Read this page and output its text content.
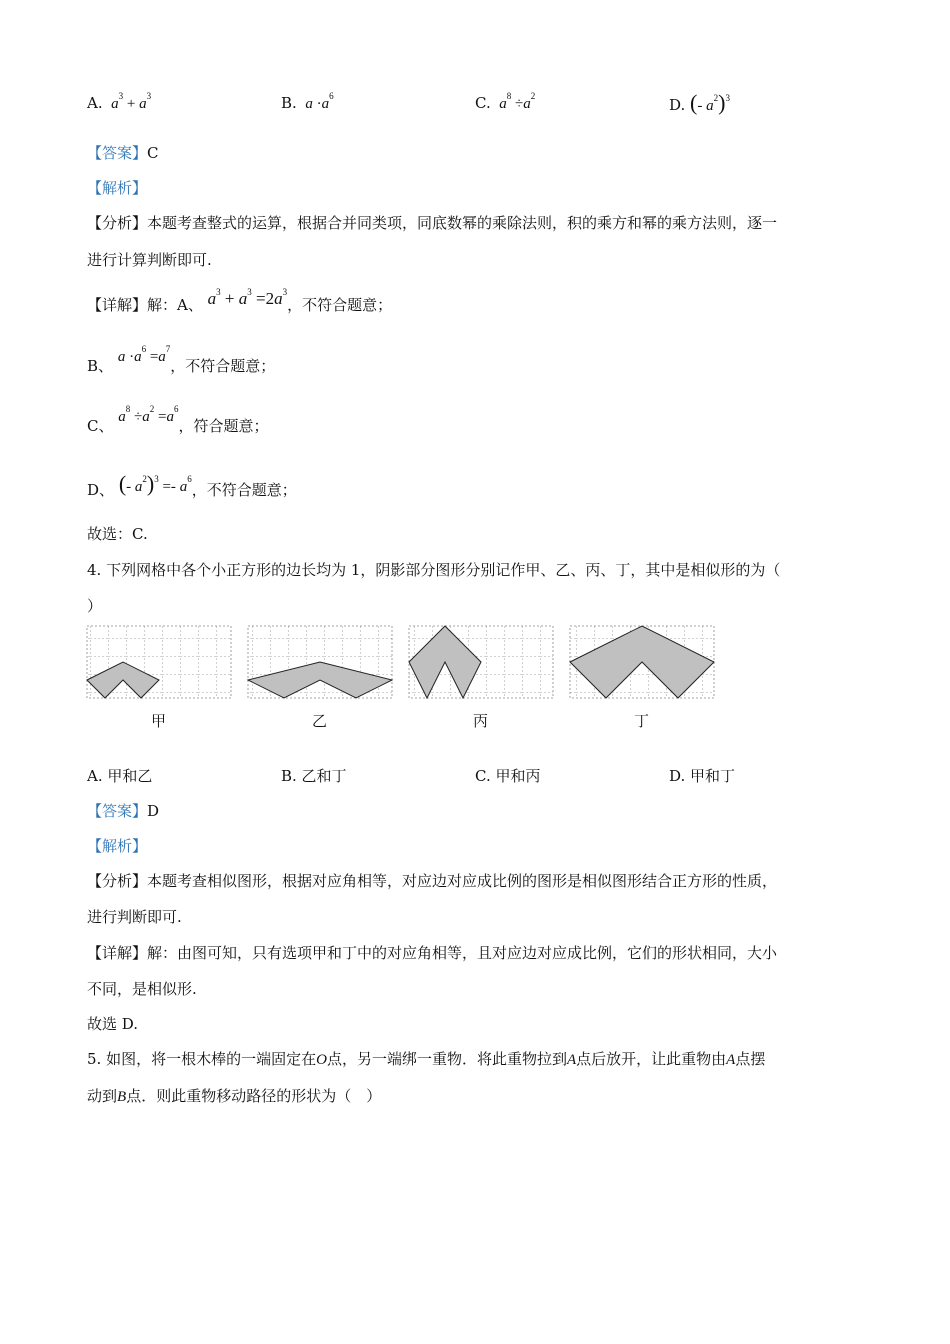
A.  $a^3 + a^3$	B.  $a \cdot a^6$	C.  $a^8 \div a^2$	D. (- $a^2)^3$
【答案】C
【解析】
【分析】本题考查整式的运算，根据合并同类项，同底数幂的乘除法则，积的乘方和幂的乘方法则，逐一
进行计算判断即可.
【详解】解：A、 $a^3 + a^3 =2a^3$，不符合题意；
B、 $a \cdot a^6 =a^7$，不符合题意；
C、 $a^8 \div a^2 =a^6$，符合题意；
D、 (- $a^2)^3 =- a^6$，不符合题意；
故选：C.
4. 下列网格中各个小正方形的边长均为 1，阴影部分图形分别记作甲、乙、丙、丁，其中是相似形的为（
）
甲	乙	丙	丁
A. 甲和乙	B. 乙和丁	C. 甲和丙	D. 甲和丁
【答案】D
【解析】
【分析】本题考查相似图形，根据对应角相等，对应边对应成比例的图形是相似图形结合正方形的性质，
进行判断即可.
【详解】解：由图可知，只有选项甲和丁中的对应角相等，且对应边对应成比例，它们的形状相同，大小
不同，是相似形.
故选 D.
5. 如图，将一根木棒的一端固定在O点，另一端绑一重物．将此重物拉到A点后放开，让此重物由A点摆
动到B点．则此重物移动路径的形状为（　）
